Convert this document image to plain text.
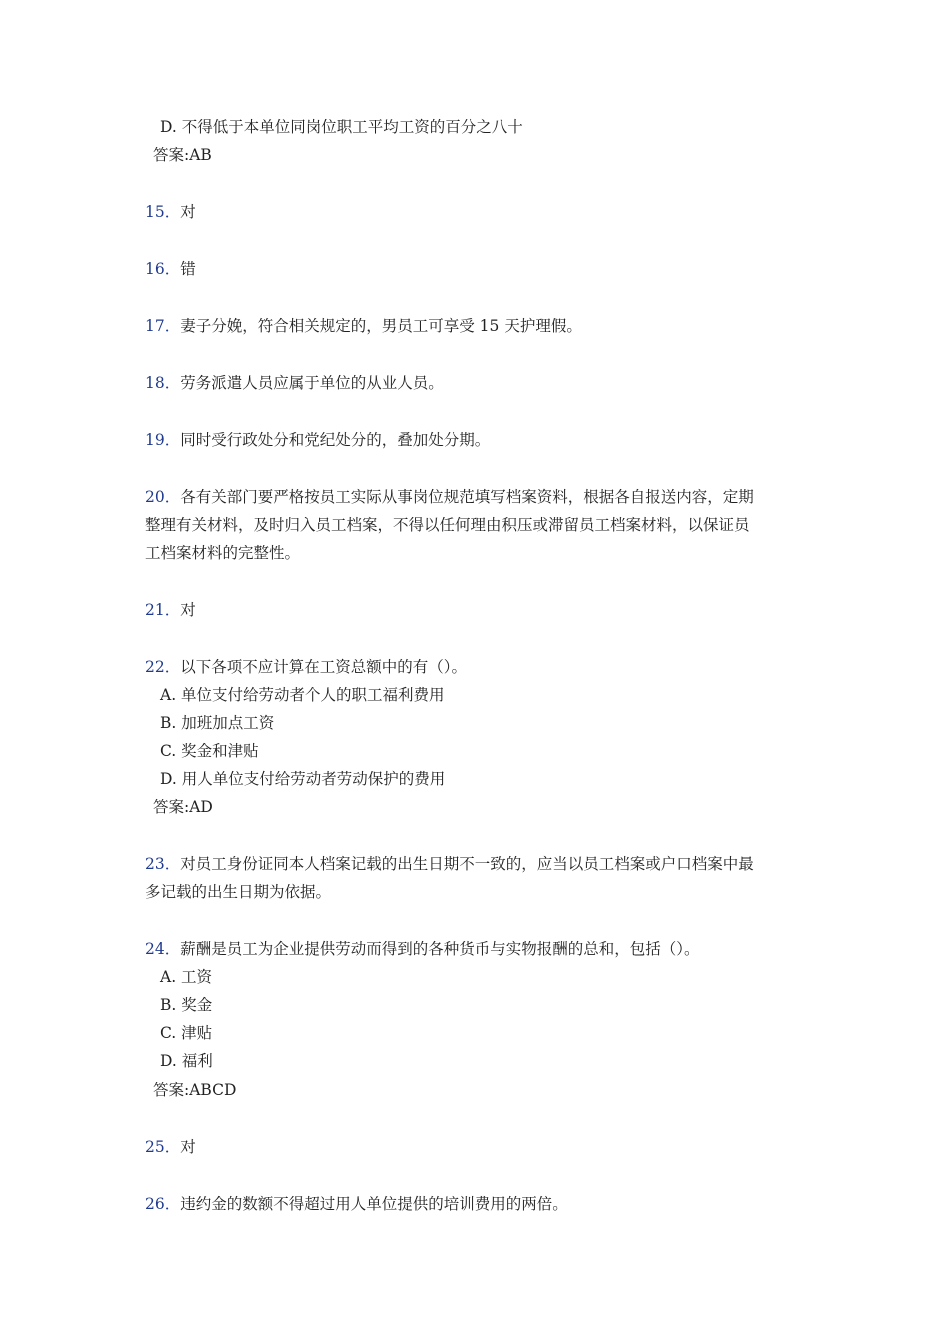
D. 不得低于本单位同岗位职工平均工资的百分之八十
答案:AB
15．对
16．错
17．妻子分娩，符合相关规定的，男员工可享受 15 天护理假。
18．劳务派遣人员应属于单位的从业人员。
19．同时受行政处分和党纪处分的，叠加处分期。
20．各有关部门要严格按员工实际从事岗位规范填写档案资料，根据各自报送内容，定期
整理有关材料，及时归入员工档案，不得以任何理由积压或滞留员工档案材料，以保证员
工档案材料的完整性。
21．对
22．以下各项不应计算在工资总额中的有（）。
A. 单位支付给劳动者个人的职工福利费用
B. 加班加点工资
C. 奖金和津贴
D. 用人单位支付给劳动者劳动保护的费用
答案:AD
23．对员工身份证同本人档案记载的出生日期不一致的，应当以员工档案或户口档案中最
多记载的出生日期为依据。
24．薪酬是员工为企业提供劳动而得到的各种货币与实物报酬的总和，包括（）。
A. 工资
B. 奖金
C. 津贴
D. 福利
答案:ABCD
25．对
26．违约金的数额不得超过用人单位提供的培训费用的两倍。
